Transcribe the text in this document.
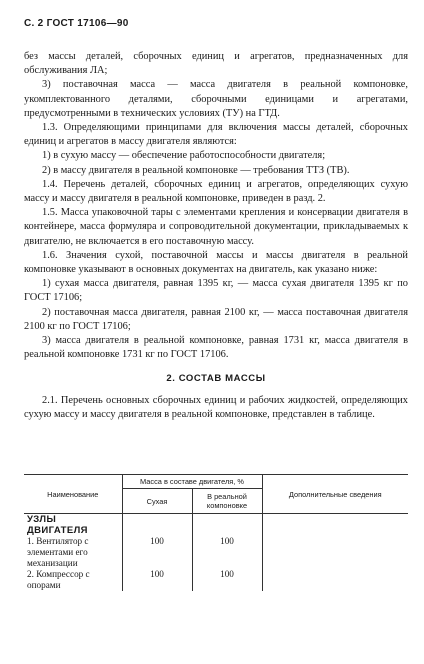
С. 2 ГОСТ 17106—90

без массы деталей, сборочных единиц и агрегатов, предназначенных для обслуживания ЛА;

3) поставочная масса — масса двигателя в реальной компоновке, укомплектованного деталями, сборочными единицами и агрегатами, предусмотренными в технических условиях (ТУ) на ГТД.

1.3. Определяющими принципами для включения массы деталей, сборочных единиц и агрегатов в массу двигателя являются:

1) в сухую массу — обеспечение работоспособности двигателя;

2) в массу двигателя в реальной компоновке — требования ТТЗ (ТВ).

1.4. Перечень деталей, сборочных единиц и агрегатов, определяющих сухую массу и массу двигателя в реальной компоновке, приведен в разд. 2.

1.5. Масса упаковочной тары с элементами крепления и консервации двигателя в контейнере, масса формуляра и сопроводительной документации, прикладываемых к двигателю, не включается в его поставочную массу.

1.6. Значения сухой, поставочной массы и массы двигателя в реальной компоновке указывают в основных документах на двигатель, как указано ниже:

1) сухая масса двигателя, равная 1395 кг, — масса сухая двигателя 1395 кг по ГОСТ 17106;

2) поставочная масса двигателя, равная 2100 кг, — масса поставочная двигателя 2100 кг по ГОСТ 17106;

3) масса двигателя в реальной компоновке, равная 1731 кг, масса двигателя в реальной компоновке 1731 кг по ГОСТ 17106.

2. СОСТАВ МАССЫ

2.1. Перечень основных сборочных единиц и рабочих жидкостей, определяющих сухую массу и массу двигателя в реальной компоновке, представлен в таблице.

Наименование	Масса в составе двигателя, %		Дополнительные сведения
	Сухая	В реальной компоновке	
УЗЛЫ ДВИГАТЕЛЯ			
1. Вентилятор с элементами его механизации	100	100	
2. Компрессор с опорами	100	100	
